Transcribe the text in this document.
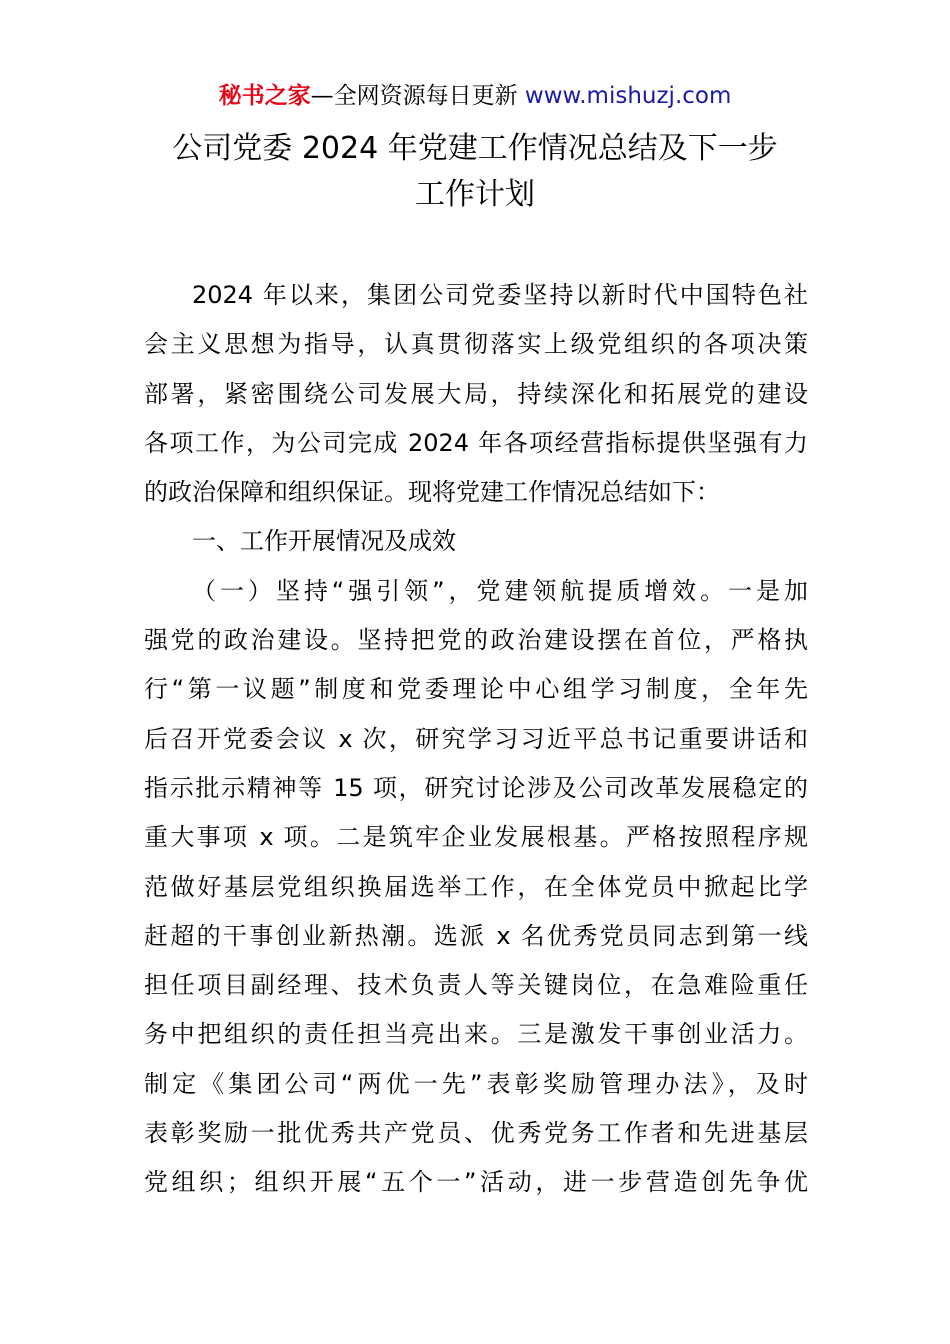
秘书之家—全网资源每日更新 www.mishuzj.com
公司党委 2024 年党建工作情况总结及下一步
工作计划
2024 年以来，集团公司党委坚持以新时代中国特色社
会主义思想为指导，认真贯彻落实上级党组织的各项决策
部署，紧密围绕公司发展大局，持续深化和拓展党的建设
各项工作，为公司完成 2024 年各项经营指标提供坚强有力
的政治保障和组织保证。现将党建工作情况总结如下：
一、工作开展情况及成效
（一）坚持“强引领”，党建领航提质增效。一是加
强党的政治建设。坚持把党的政治建设摆在首位，严格执
行“第一议题”制度和党委理论中心组学习制度，全年先
后召开党委会议 x 次，研究学习习近平总书记重要讲话和
指示批示精神等 15 项，研究讨论涉及公司改革发展稳定的
重大事项 x 项。二是筑牢企业发展根基。严格按照程序规
范做好基层党组织换届选举工作，在全体党员中掀起比学
赶超的干事创业新热潮。选派 x 名优秀党员同志到第一线
担任项目副经理、技术负责人等关键岗位，在急难险重任
务中把组织的责任担当亮出来。三是激发干事创业活力。
制定《集团公司“两优一先”表彰奖励管理办法》，及时
表彰奖励一批优秀共产党员、优秀党务工作者和先进基层
党组织；组织开展“五个一”活动，进一步营造创先争优
